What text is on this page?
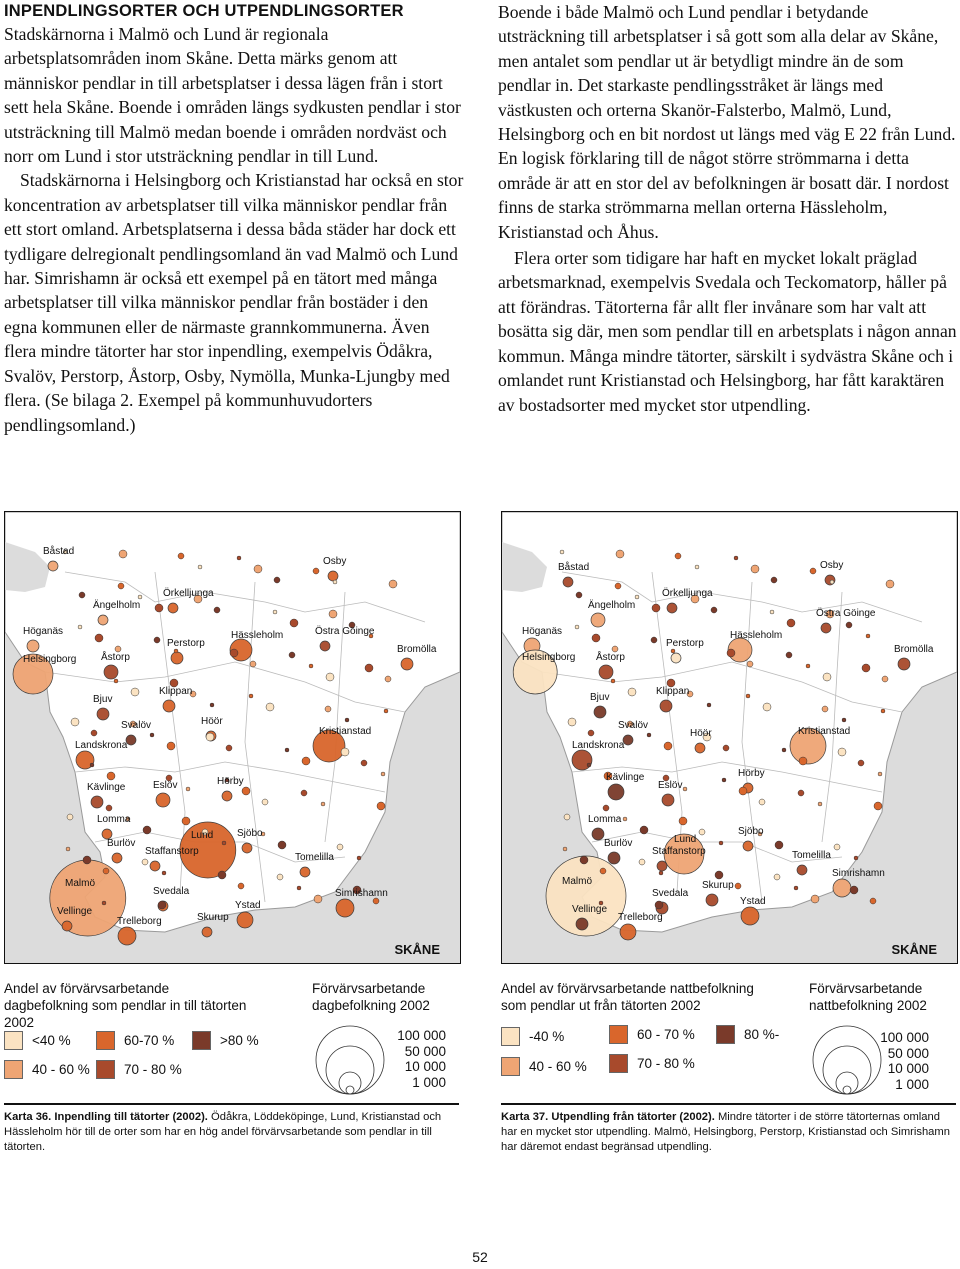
INPENDLINGSORTER OCH UTPENDLINGSORTER

Stadskärnorna i Malmö och Lund är regionala arbetsplatsområden inom Skåne. Detta märks genom att människor pendlar in till arbetsplatser i dessa lägen från i stort sett hela Skåne. Boende i områden längs sydkusten pendlar i stor utsträckning till Malmö medan boende i områden nordväst och norr om Lund i stor utsträckning pendlar in till Lund.

Stadskärnorna i Helsingborg och Kristianstad har också en stor koncentration av arbetsplatser till vilka människor pendlar från ett stort omland. Arbetsplatserna i dessa båda städer har dock ett tydligare delregionalt pendlingsomland än vad Malmö och Lund har. Simrishamn är också ett exempel på en tätort med många arbetsplatser till vilka människor pendlar från bostäder i den egna kommunen eller de närmaste grannkommunerna. Även flera mindre tätorter har stor inpendling, exempelvis Ödåkra, Svalöv, Perstorp, Åstorp, Osby, Nymölla, Munka-Ljungby med flera. (Se bilaga 2. Exempel på kommunhuvudorters pendlingsomland.)

Boende i både Malmö och Lund pendlar i betydande utsträckning till arbetsplatser i så gott som alla delar av Skåne, men antalet som pendlar ut är betydligt mindre än de som pendlar in. Det starkaste pendlingsstråket är längs med västkusten och orterna Skanör-Falsterbo, Malmö, Lund, Helsingborg och en bit nordost ut längs med väg E 22 från Lund. En logisk förklaring till de något större strömmarna i detta område är att en stor del av befolkningen är bosatt där. I nordost finns de starka strömmarna mellan orterna Hässleholm, Kristianstad och Åhus.

Flera orter som tidigare har haft en mycket lokalt präglad arbetsmarknad, exempelvis Svedala och Teckomatorp, håller på att förändras. Tätorterna får allt fler invånare som har valt att bosätta sig där, men som pendlar till en arbetsplats i någon annan kommun. Många mindre tätorter, särskilt i sydvästra Skåne och i omlandet runt Kristianstad och Helsingborg, har fått karaktären av bostadsorter med mycket stor utpendling.

Båstad
Osby
Ängelholm
Örkelljunga
Höganäs
Perstorp
Hässleholm	Östra Göinge
Helsingborg Åstorp
Bromölla
Klippan
Bjuv
Svalöv	Höör
Kristianstad
Landskrona
Hörby
Kävlinge	Eslöv
Lomma
Lund Sjöbo
Burlöv
Staffanstorp
Tomelilla
Malmö
Svedala	Simrishamn
Vellinge
Ystad
Trelleborg	Skurup
SKÅNE
Båstad	Osby
Ängelholm
Örkelljunga
Östra Göinge
Höganäs
Perstorp
Hässleholm
Helsingborg Åstorp
Bromölla
Klippan
Bjuv
Svalöv
Kristianstad
Landskrona
Höör
Kävlinge
Eslöv
Hörby
Lomma
Sjöbo
Burlöv	Lund
Staffanstorp	Tomelilla
Simrishamn
Malmö	Skurup
Svedala
Vellinge
Ystad
Trelleborg
SKÅNE
Andel av förvärvsarbetande dagbefolkning som pendlar in till tätorten 2002
Förvärvsarbetande dagbefolkning 2002
<40 %	60-70 %	>80 %
40 - 60 %	70 - 80 %
100 000
50 000
10 000
1 000
Andel av förvärvsarbetande nattbefolkning som pendlar ut från tätorten 2002
Förvärvsarbetande nattbefolkning 2002
-40 %	60 - 70 %	80 %-
40 - 60 %	70 - 80 %
100 000
50 000
10 000
1 000
Karta 36. Inpendling till tätorter (2002). Ödåkra, Löddeköpinge, Lund, Kristianstad och Hässleholm hör till de orter som har en hög andel förvärvsarbetande som pendlar in till tätorten.
Karta 37. Utpendling från tätorter (2002). Mindre tätorter i de större tätorternas omland har en mycket stor utpendling. Malmö, Helsingborg, Perstorp, Kristianstad och Simrishamn har däremot endast begränsad utpendling.
52
